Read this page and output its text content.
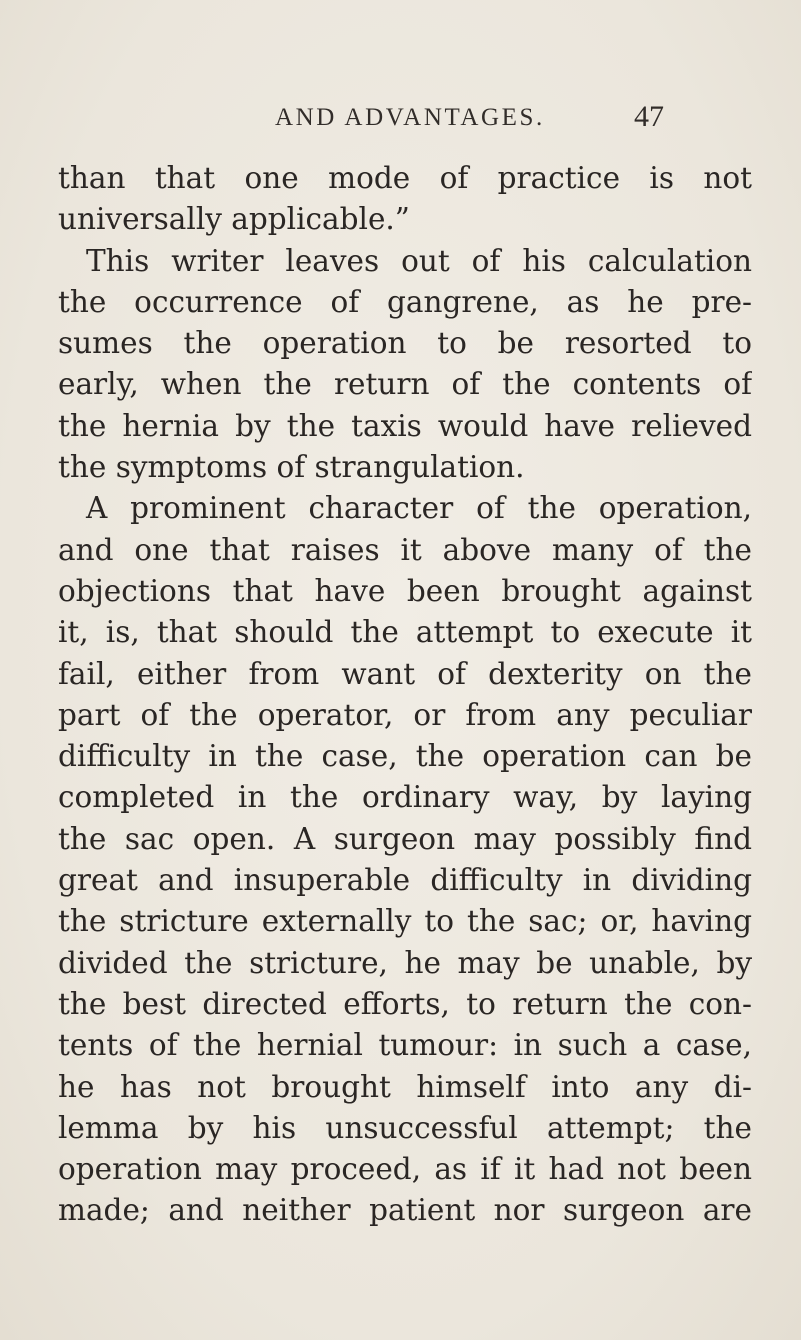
AND ADVANTAGES.	47
than that one mode of practice is not
universally applicable.”
This writer leaves out of his calculation
the occurrence of gangrene, as he pre-
sumes the operation to be resorted to
early, when the return of the contents of
the hernia by the taxis would have relieved
the symptoms of strangulation.
A prominent character of the operation,
and one that raises it above many of the
objections that have been brought against
it, is, that should the attempt to execute it
fail, either from want of dexterity on the
part of the operator, or from any peculiar
difficulty in the case, the operation can be
completed in the ordinary way, by laying
the sac open. A surgeon may possibly find
great and insuperable difficulty in dividing
the stricture externally to the sac; or, having
divided the stricture, he may be unable, by
the best directed efforts, to return the con-
tents of the hernial tumour: in such a case,
he has not brought himself into any di-
lemma by his unsuccessful attempt; the
operation may proceed, as if it had not been
made; and neither patient nor surgeon are
